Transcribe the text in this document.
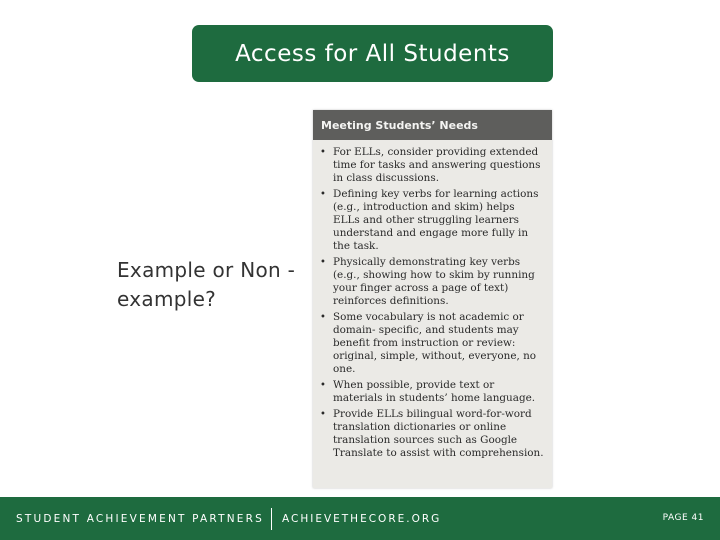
Access for All Students
Example or Non -example?
Meeting Students’ Needs
• For ELLs, consider providing extended time for tasks and answering questions in class discussions.
• Defining key verbs for learning actions (e.g., introduction and skim) helps ELLs and other struggling learners understand and engage more fully in the task.
• Physically demonstrating key verbs (e.g., showing how to skim by running your finger across a page of text) reinforces definitions.
• Some vocabulary is not academic or domain- specific, and students may benefit from instruction or review: original, simple, without, everyone, no one.
• When possible, provide text or materials in students’ home language.
• Provide ELLs bilingual word-for-word translation dictionaries or online translation sources such as Google Translate to assist with comprehension.
STUDENT ACHIEVEMENT PARTNERS ACHIEVETHECORE.ORG	PAGE 41
